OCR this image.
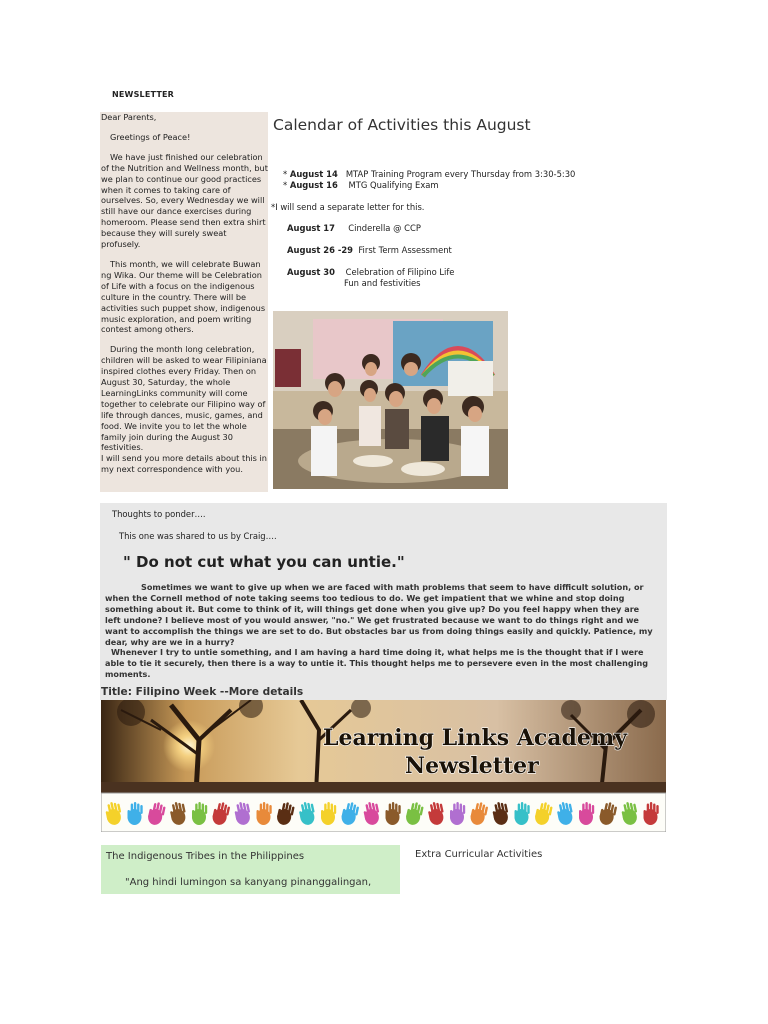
NEWSLETTER

Dear Parents,

Greetings of Peace!

We have just finished our celebration of the Nutrition and Wellness month, but we plan to continue our good practices when it comes to taking care of ourselves. So, every Wednesday we will still have our dance exercises during homeroom. Please send then extra shirt because they will surely sweat profusely.

This month, we will celebrate Buwan ng Wika. Our theme will be Celebration of Life with a focus on the indigenous culture in the country. There will be activities such puppet show, indigenous music exploration, and poem writing contest among others.

During the month long celebration, children will be asked to wear Filipiniana inspired clothes every Friday. Then on August 30, Saturday, the whole LearningLinks community will come together to celebrate our Filipino way of life through dances, music, games, and food. We invite you to let the whole family join during the August 30 festivities.

I will send you more details about this in my next correspondence with you.

Calendar of Activities this August
* August 14 MTAP Training Program every Thursday from 3:30-5:30
* August 16 MTG Qualifying Exam
*I will send a separate letter for this.
August 17 Cinderella @ CCP
August 26 -29 First Term Assessment
August 30 Celebration of Filipino Life
Fun and festivities
Thoughts to ponder….
This one was shared to us by Craig….
Sometimes we want to give up when we are faced with math problems that seem to have difficult solution, or when the Cornell method of note taking seems too tedious to do. We get impatient that we whine and stop doing something about it. But come to think of it, will things get done when you give up? Do you feel happy when they are left undone? I believe most of you would answer, "no." We get frustrated because we want to do things right and we want to accomplish the things we are set to do. But obstacles bar us from doing things easily and quickly. Patience, my dear, why are we in a hurry?
Whenever I try to untie something, and I am having a hard time doing it, what helps me is the thought that if I were able to tie it securely, then there is a way to untie it. This thought helps me to persevere even in the most challenging moments.
" Do not cut what you can untie."
Title: Filipino Week --More details
Learning Links Academy
Newsletter
The Indigenous Tribes in the Philippines
"Ang hindi lumingon sa kanyang pinanggalingan,
Extra Curricular Activities
